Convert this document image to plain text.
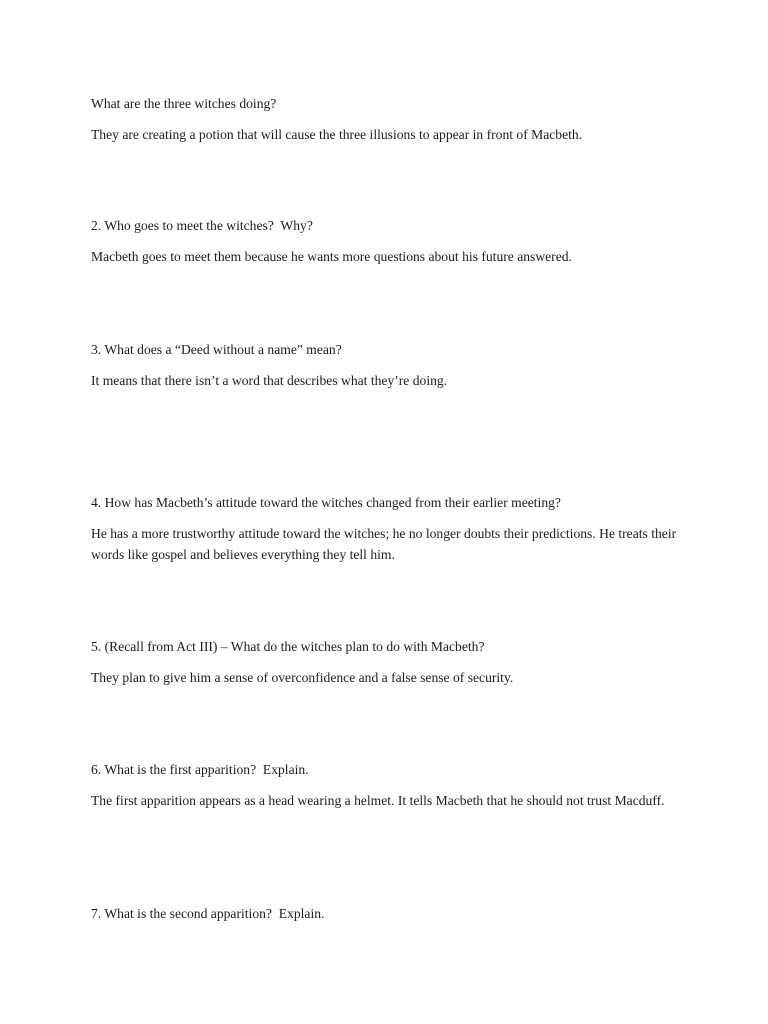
What are the three witches doing?

They are creating a potion that will cause the three illusions to appear in front of Macbeth.

2. Who goes to meet the witches?  Why?

Macbeth goes to meet them because he wants more questions about his future answered.

3. What does a “Deed without a name” mean?

It means that there isn’t a word that describes what they’re doing.

4. How has Macbeth’s attitude toward the witches changed from their earlier meeting?

He has a more trustworthy attitude toward the witches; he no longer doubts their predictions. He treats their words like gospel and believes everything they tell him.

5. (Recall from Act III) – What do the witches plan to do with Macbeth?

They plan to give him a sense of overconfidence and a false sense of security.

6. What is the first apparition?  Explain.

The first apparition appears as a head wearing a helmet. It tells Macbeth that he should not trust Macduff.

7. What is the second apparition?  Explain.
